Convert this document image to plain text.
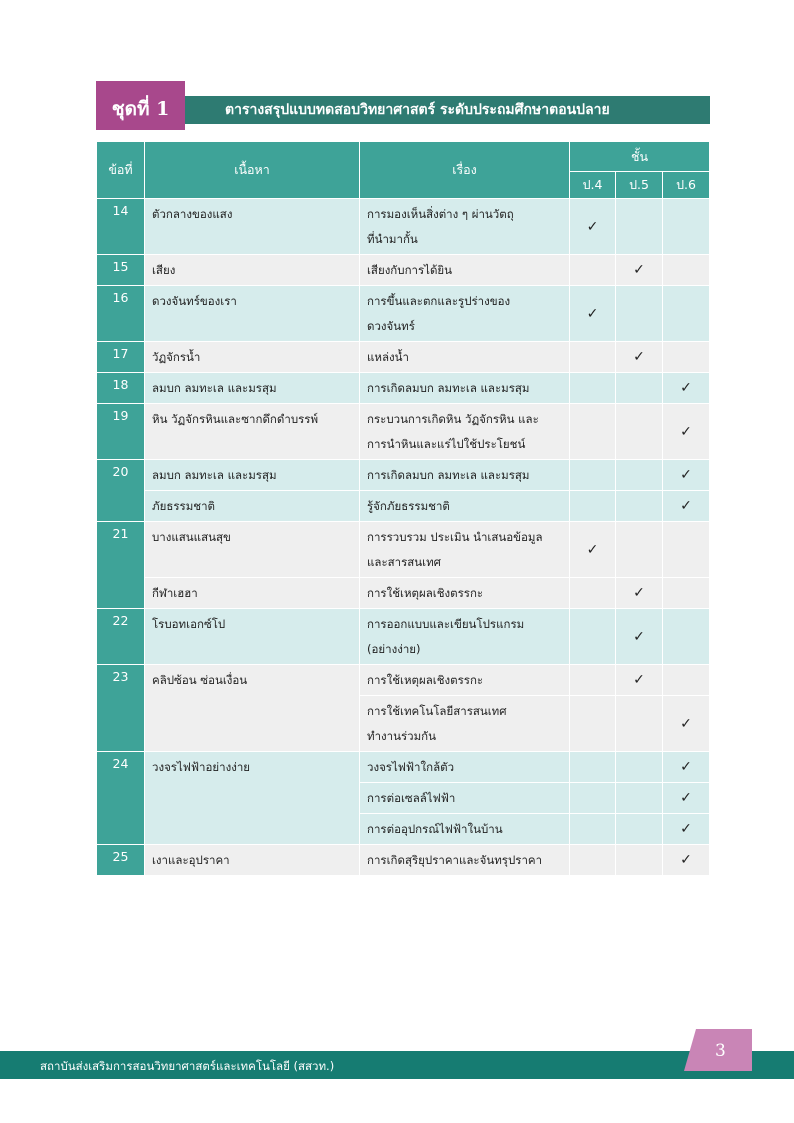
ชุดที่ 1	ตารางสรุปแบบทดสอบวิทยาศาสตร์ ระดับประถมศึกษาตอนปลาย
ข้อที่	เนื้อหา	เรื่อง	ชั้น		
			ป.4	ป.5	ป.6
14	ตัวกลางของแสง	การมองเห็นสิ่งต่าง ๆ ผ่านวัตถุ
ที่นำมากั้น	✓		
15	เสียง	เสียงกับการได้ยิน		✓	
16	ดวงจันทร์ของเรา	การขึ้นและตกและรูปร่างของ
ดวงจันทร์	✓		
17	วัฏจักรน้ำ	แหล่งน้ำ		✓	
18	ลมบก ลมทะเล และมรสุม	การเกิดลมบก ลมทะเล และมรสุม			✓
19	หิน วัฏจักรหินและซากดึกดำบรรพ์	กระบวนการเกิดหิน วัฏจักรหิน และ
การนำหินและแร่ไปใช้ประโยชน์			✓
20	ลมบก ลมทะเล และมรสุม	การเกิดลมบก ลมทะเล และมรสุม			✓
	ภัยธรรมชาติ	รู้จักภัยธรรมชาติ			✓
21	บางแสนแสนสุข	การรวบรวม ประเมิน นำเสนอข้อมูล
และสารสนเทศ	✓		
	กีฬาเฮฮา	การใช้เหตุผลเชิงตรรกะ		✓	
22	โรบอทเอกซ์โป	การออกแบบและเขียนโปรแกรม
(อย่างง่าย)		✓	
23	คลิปซ้อน ซ่อนเงื่อน	การใช้เหตุผลเชิงตรรกะ		✓	
		การใช้เทคโนโลยีสารสนเทศ
ทำงานร่วมกัน			✓
24	วงจรไฟฟ้าอย่างง่าย	วงจรไฟฟ้าใกล้ตัว			✓
		การต่อเซลล์ไฟฟ้า			✓
		การต่ออุปกรณ์ไฟฟ้าในบ้าน			✓
25	เงาและอุปราคา	การเกิดสุริยุปราคาและจันทรุปราคา			✓
สถาบันส่งเสริมการสอนวิทยาศาสตร์และเทคโนโลยี (สสวท.)
3
